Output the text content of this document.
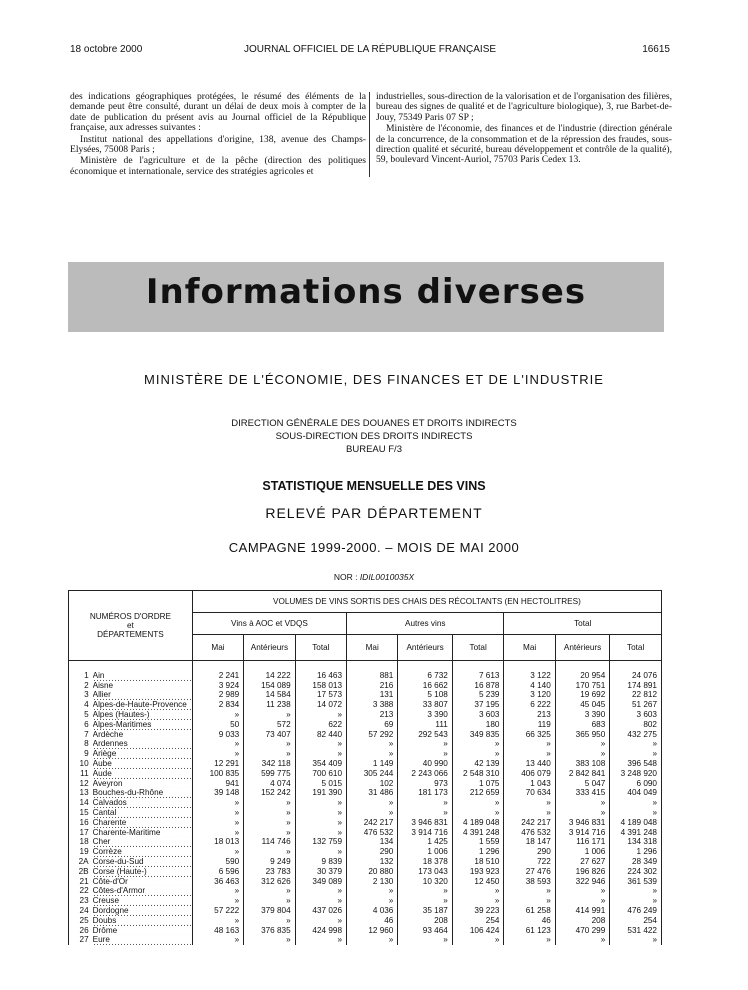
18 octobre 2000	JOURNAL OFFICIEL DE LA RÉPUBLIQUE FRANÇAISE	16615

des indications géographiques protégées, le résumé des éléments de la demande peut être consulté, durant un délai de deux mois à compter de la date de publication du présent avis au Journal officiel de la République française, aux adresses suivantes :

Institut national des appellations d'origine, 138, avenue des Champs-Elysées, 75008 Paris ;

Ministère de l'agriculture et de la pêche (direction des politiques économique et internationale, service des stratégies agricoles et

industrielles, sous-direction de la valorisation et de l'organisation des filières, bureau des signes de qualité et de l'agriculture biologique), 3, rue Barbet-de-Jouy, 75349 Paris 07 SP ;

Ministère de l'économie, des finances et de l'industrie (direction générale de la concurrence, de la consommation et de la répression des fraudes, sous-direction qualité et sécurité, bureau développement et contrôle de la qualité), 59, boulevard Vincent-Auriol, 75703 Paris Cedex 13.

Informations diverses
MINISTÈRE DE L'ÉCONOMIE, DES FINANCES ET DE L'INDUSTRIE
DIRECTION GÉNÉRALE DES DOUANES ET DROITS INDIRECTS
SOUS-DIRECTION DES DROITS INDIRECTS
BUREAU F/3
STATISTIQUE MENSUELLE DES VINS
RELEVÉ PAR DÉPARTEMENT
CAMPAGNE 1999-2000. – MOIS DE MAI 2000
NOR : IDIL0010035X
NUMÉROS D'ORDRE
et
DÉPARTEMENTS		VOLUMES DE VINS SORTIS DES CHAIS DES RÉCOLTANTS (EN HECTOLITRES)								
		Vins à AOC et VDQS			Autres vins			Total		
		Mai	Antérieurs	Total	Mai	Antérieurs	Total	Mai	Antérieurs	Total

1	Ain	2 241	14 222	16 463	881	6 732	7 613	3 122	20 954	24 076
2	Aisne	3 924	154 089	158 013	216	16 662	16 878	4 140	170 751	174 891
3	Allier	2 989	14 584	17 573	131	5 108	5 239	3 120	19 692	22 812
4	Alpes-de-Haute-Provence	2 834	11 238	14 072	3 388	33 807	37 195	6 222	45 045	51 267
5	Alpes (Hautes-)	»	»	»	213	3 390	3 603	213	3 390	3 603
6	Alpes-Maritimes	50	572	622	69	111	180	119	683	802
7	Ardèche	9 033	73 407	82 440	57 292	292 543	349 835	66 325	365 950	432 275
8	Ardennes	»	»	»	»	»	»	»	»	»
9	Ariège	»	»	»	»	»	»	»	»	»
10	Aube	12 291	342 118	354 409	1 149	40 990	42 139	13 440	383 108	396 548
11	Aude	100 835	599 775	700 610	305 244	2 243 066	2 548 310	406 079	2 842 841	3 248 920
12	Aveyron	941	4 074	5 015	102	973	1 075	1 043	5 047	6 090
13	Bouches-du-Rhône	39 148	152 242	191 390	31 486	181 173	212 659	70 634	333 415	404 049
14	Calvados	»	»	»	»	»	»	»	»	»
15	Cantal	»	»	»	»	»	»	»	»	»
16	Charente	»	»	»	242 217	3 946 831	4 189 048	242 217	3 946 831	4 189 048
17	Charente-Maritime	»	»	»	476 532	3 914 716	4 391 248	476 532	3 914 716	4 391 248
18	Cher	18 013	114 746	132 759	134	1 425	1 559	18 147	116 171	134 318
19	Corrèze	»	»	»	290	1 006	1 296	290	1 006	1 296
2A	Corse-du-Sud	590	9 249	9 839	132	18 378	18 510	722	27 627	28 349
2B	Corse (Haute-)	6 596	23 783	30 379	20 880	173 043	193 923	27 476	196 826	224 302
21	Côte-d'Or	36 463	312 626	349 089	2 130	10 320	12 450	38 593	322 946	361 539
22	Côtes-d'Armor	»	»	»	»	»	»	»	»	»
23	Creuse	»	»	»	»	»	»	»	»	»
24	Dordogne	57 222	379 804	437 026	4 036	35 187	39 223	61 258	414 991	476 249
25	Doubs	»	»	»	46	208	254	46	208	254
26	Drôme	48 163	376 835	424 998	12 960	93 464	106 424	61 123	470 299	531 422
27	Eure	»	»	»	»	»	»	»	»	»
